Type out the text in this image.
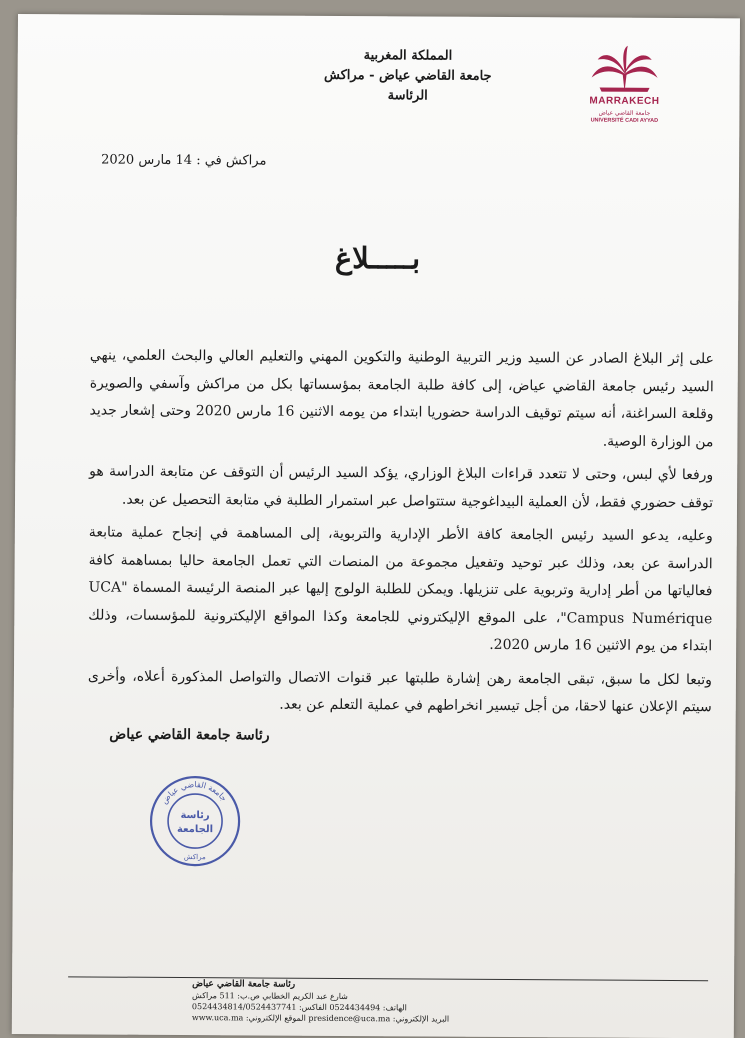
المملكة المغربية
جامعة القاضي عياض - مراكش
الرئاسة	MARRAKECH
جامعة القاضي عياض
UNIVERSITÉ CADI AYYAD
مراكش في : 14 مارس 2020
بـــــلاغ

على إثر البلاغ الصادر عن السيد وزير التربية الوطنية والتكوين المهني والتعليم العالي والبحث العلمي، ينهي السيد رئيس جامعة القاضي عياض، إلى كافة طلبة الجامعة بمؤسساتها بكل من مراكش وآسفي والصويرة وقلعة السراغنة، أنه سيتم توقيف الدراسة حضوريا ابتداء من يومه الاثنين 16 مارس 2020 وحتى إشعار جديد من الوزارة الوصية.

ورفعا لأي لبس، وحتى لا تتعدد قراءات البلاغ الوزاري، يؤكد السيد الرئيس أن التوقف عن متابعة الدراسة هو توقف حضوري فقط، لأن العملية البيداغوجية ستتواصل عبر استمرار الطلبة في متابعة التحصيل عن بعد.

وعليه، يدعو السيد رئيس الجامعة كافة الأطر الإدارية والتربوية، إلى المساهمة في إنجاح عملية متابعة الدراسة عن بعد، وذلك عبر توحيد وتفعيل مجموعة من المنصات التي تعمل الجامعة حاليا بمساهمة كافة فعالياتها من أطر إدارية وتربوية على تنزيلها. ويمكن للطلبة الولوج إليها عبر المنصة الرئيسة المسماة "UCA Campus Numérique"، على الموقع الإليكتروني للجامعة وكذا المواقع الإليكترونية للمؤسسات، وذلك ابتداء من يوم الاثنين 16 مارس 2020.

وتبعا لكل ما سبق، تبقى الجامعة رهن إشارة طلبتها عبر قنوات الاتصال والتواصل المذكورة أعلاه، وأخرى سيتم الإعلان عنها لاحقا، من أجل تيسير انخراطهم في عملية التعلم عن بعد.

رئاسة جامعة القاضي عياض
جامعة القاضي عياض
رئاسة
الجامعة
مراكش
رئاسة جامعة القاضي عياض
شارع عبد الكريم الخطابي ص.ب: 511 مراكش
الهاتف: 0524434494 الفاكس: 0524434814/0524437741
البريد الإلكتروني: presidence@uca.ma الموقع الإلكتروني: www.uca.ma
